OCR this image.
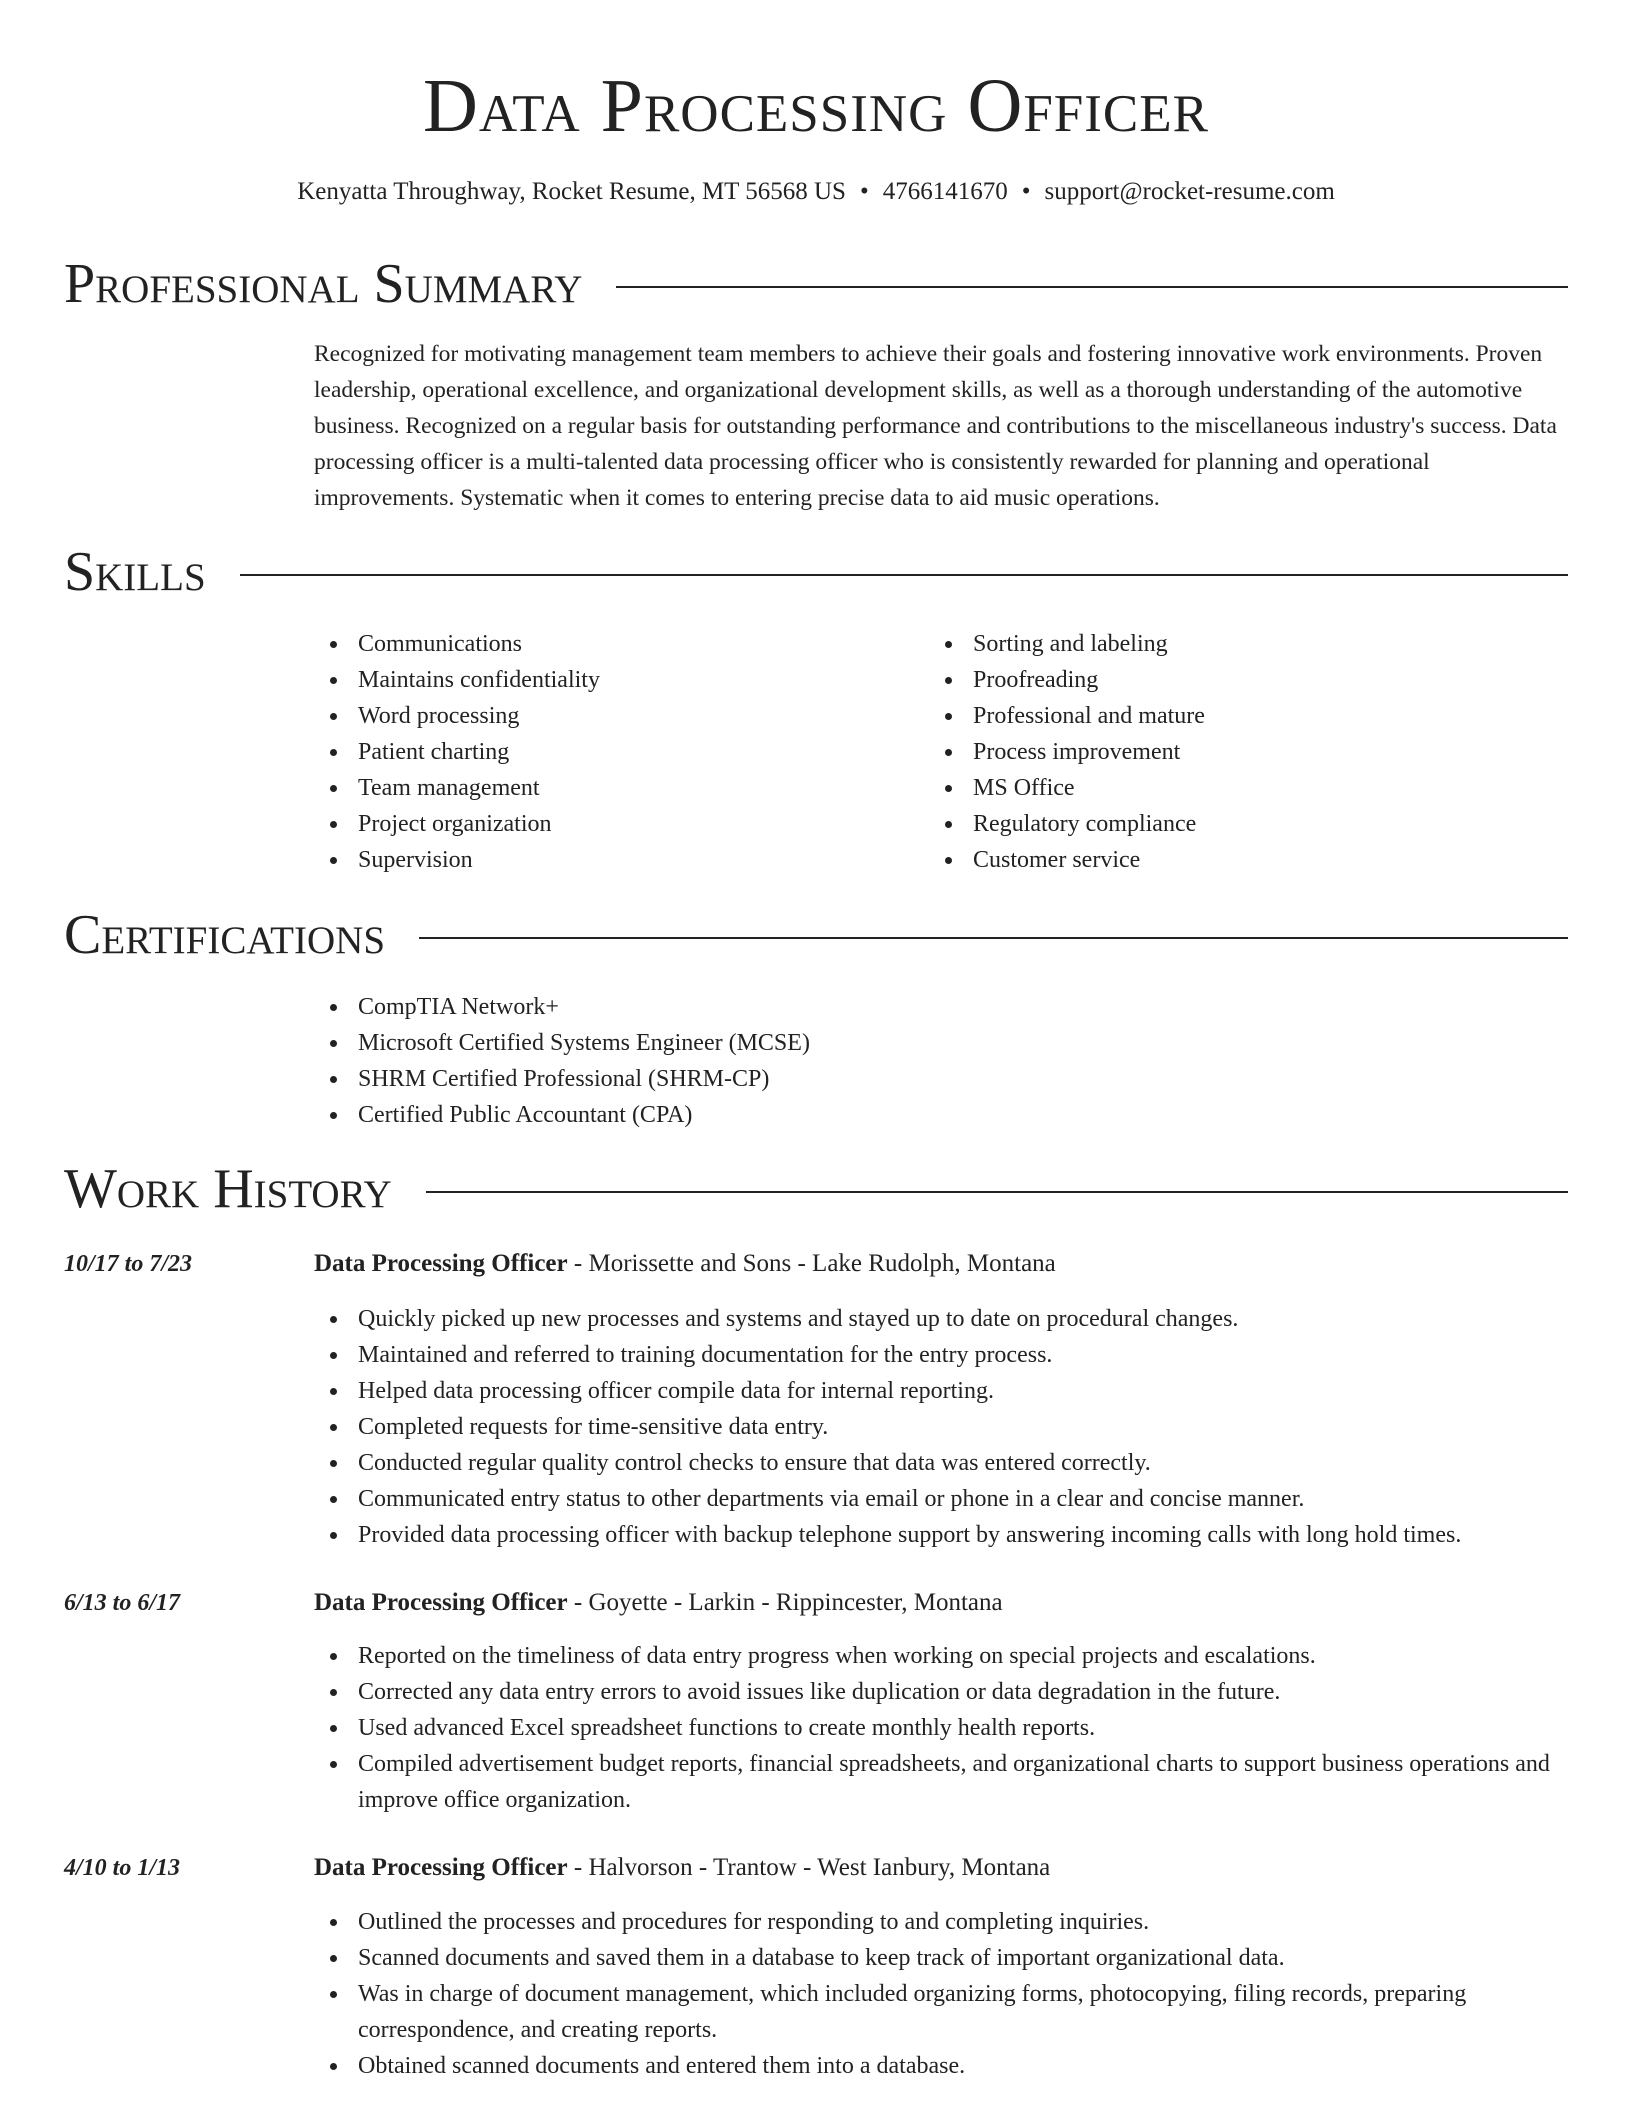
Data Processing Officer
Kenyatta Throughway, Rocket Resume, MT 56568 US • 4766141670 • support@rocket-resume.com
Professional Summary

Recognized for motivating management team members to achieve their goals and fostering innovative work environments. Proven leadership, operational excellence, and organizational development skills, as well as a thorough understanding of the automotive business. Recognized on a regular basis for outstanding performance and contributions to the miscellaneous industry's success. Data processing officer is a multi-talented data processing officer who is consistently rewarded for planning and operational improvements. Systematic when it comes to entering precise data to aid music operations.

Skills
Communications
Maintains confidentiality
Word processing
Patient charting
Team management
Project organization
Supervision
Sorting and labeling
Proofreading
Professional and mature
Process improvement
MS Office
Regulatory compliance
Customer service
Certifications
CompTIA Network+
Microsoft Certified Systems Engineer (MCSE)
SHRM Certified Professional (SHRM-CP)
Certified Public Accountant (CPA)
Work History
10/17 to 7/23	Data Processing Officer - Morissette and Sons - Lake Rudolph, Montana
Quickly picked up new processes and systems and stayed up to date on procedural changes.
Maintained and referred to training documentation for the entry process.
Helped data processing officer compile data for internal reporting.
Completed requests for time-sensitive data entry.
Conducted regular quality control checks to ensure that data was entered correctly.
Communicated entry status to other departments via email or phone in a clear and concise manner.
Provided data processing officer with backup telephone support by answering incoming calls with long hold times.
6/13 to 6/17	Data Processing Officer - Goyette - Larkin - Rippincester, Montana
Reported on the timeliness of data entry progress when working on special projects and escalations.
Corrected any data entry errors to avoid issues like duplication or data degradation in the future.
Used advanced Excel spreadsheet functions to create monthly health reports.
Compiled advertisement budget reports, financial spreadsheets, and organizational charts to support business operations and improve office organization.
4/10 to 1/13	Data Processing Officer - Halvorson - Trantow - West Ianbury, Montana
Outlined the processes and procedures for responding to and completing inquiries.
Scanned documents and saved them in a database to keep track of important organizational data.
Was in charge of document management, which included organizing forms, photocopying, filing records, preparing correspondence, and creating reports.
Obtained scanned documents and entered them into a database.
